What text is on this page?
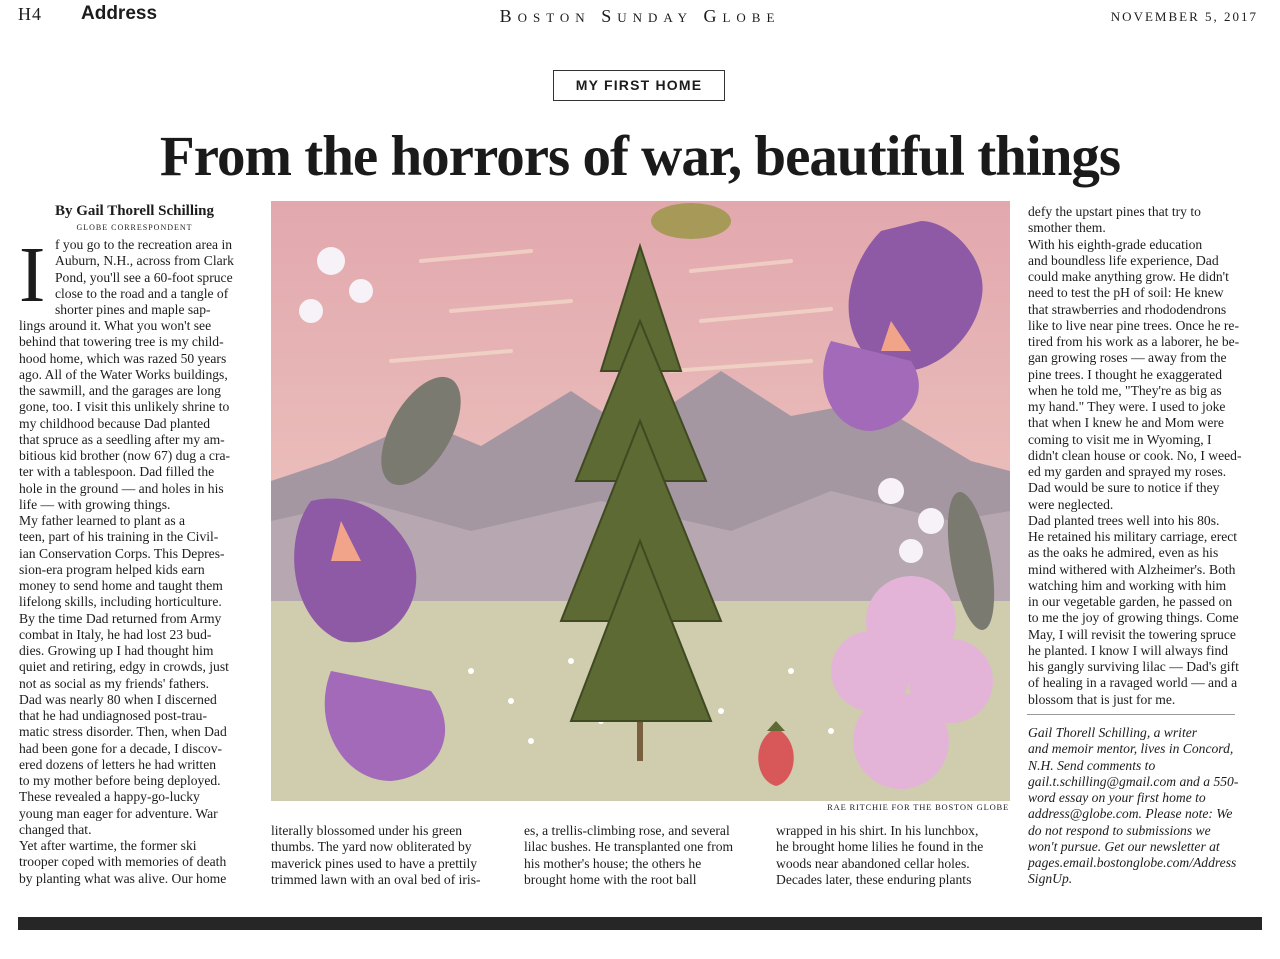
H4 Address	Boston Sunday Globe	NOVEMBER 5, 2017
MY FIRST HOME
From the horrors of war, beautiful things
By Gail Thorell Schilling
GLOBE CORRESPONDENT
I f you go to the recreation area in
Auburn, N.H., across from Clark
Pond, you'll see a 60-foot spruce
close to the road and a tangle of
shorter pines and maple sap-
lings around it. What you won't see
behind that towering tree is my child-
hood home, which was razed 50 years
ago. All of the Water Works buildings,
the sawmill, and the garages are long
gone, too. I visit this unlikely shrine to
my childhood because Dad planted
that spruce as a seedling after my am-
bitious kid brother (now 67) dug a cra-
ter with a tablespoon. Dad filled the
hole in the ground — and holes in his
life — with growing things.
My father learned to plant as a
teen, part of his training in the Civil-
ian Conservation Corps. This Depres-
sion-era program helped kids earn
money to send home and taught them
lifelong skills, including horticulture.
By the time Dad returned from Army
combat in Italy, he had lost 23 bud-
dies. Growing up I had thought him
quiet and retiring, edgy in crowds, just
not as social as my friends' fathers.
Dad was nearly 80 when I discerned
that he had undiagnosed post-trau-
matic stress disorder. Then, when Dad
had been gone for a decade, I discov-
ered dozens of letters he had written
to my mother before being deployed.
These revealed a happy-go-lucky
young man eager for adventure. War
changed that.
Yet after wartime, the former ski
trooper coped with memories of death
by planting what was alive. Our home
RAE RITCHIE FOR THE BOSTON GLOBE
literally blossomed under his green
thumbs. The yard now obliterated by
maverick pines used to have a prettily
trimmed lawn with an oval bed of iris-
es, a trellis-climbing rose, and several
lilac bushes. He transplanted one from
his mother's house; the others he
brought home with the root ball
wrapped in his shirt. In his lunchbox,
he brought home lilies he found in the
woods near abandoned cellar holes.
Decades later, these enduring plants
defy the upstart pines that try to
smother them.
With his eighth-grade education
and boundless life experience, Dad
could make anything grow. He didn't
need to test the pH of soil: He knew
that strawberries and rhododendrons
like to live near pine trees. Once he re-
tired from his work as a laborer, he be-
gan growing roses — away from the
pine trees. I thought he exaggerated
when he told me, "They're as big as
my hand." They were. I used to joke
that when I knew he and Mom were
coming to visit me in Wyoming, I
didn't clean house or cook. No, I weed-
ed my garden and sprayed my roses.
Dad would be sure to notice if they
were neglected.
Dad planted trees well into his 80s.
He retained his military carriage, erect
as the oaks he admired, even as his
mind withered with Alzheimer's. Both
watching him and working with him
in our vegetable garden, he passed on
to me the joy of growing things. Come
May, I will revisit the towering spruce
he planted. I know I will always find
his gangly surviving lilac — Dad's gift
of healing in a ravaged world — and a
blossom that is just for me.
Gail Thorell Schilling, a writer
and memoir mentor, lives in Concord,
N.H. Send comments to
gail.t.schilling@gmail.com and a 550-
word essay on your first home to
address@globe.com. Please note: We
do not respond to submissions we
won't pursue. Get our newsletter at
pages.email.bostonglobe.com/Address
SignUp.
